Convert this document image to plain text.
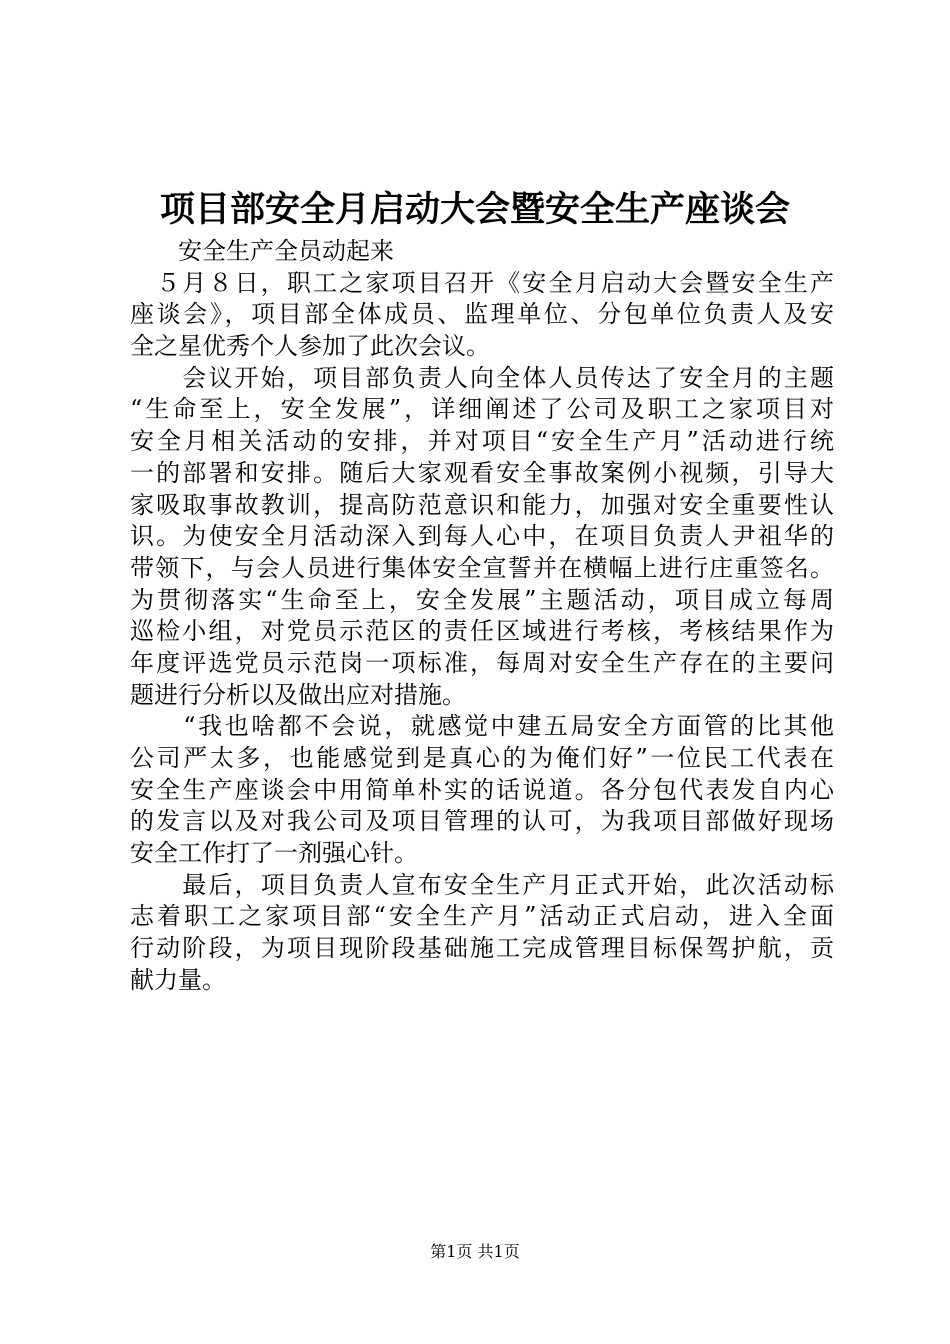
项目部安全月启动大会暨安全生产座谈会
　　安全生产全员动起来
　５月８日，职工之家项目召开《安全月启动大会暨安全生产
座谈会》，项目部全体成员、监理单位、分包单位负责人及安
全之星优秀个人参加了此次会议。
　　会议开始，项目部负责人向全体人员传达了安全月的主题
“生命至上，安全发展”，详细阐述了公司及职工之家项目对
安全月相关活动的安排，并对项目“安全生产月”活动进行统
一的部署和安排。随后大家观看安全事故案例小视频，引导大
家吸取事故教训，提高防范意识和能力，加强对安全重要性认
识。为使安全月活动深入到每人心中，在项目负责人尹祖华的
带领下，与会人员进行集体安全宣誓并在横幅上进行庄重签名。
为贯彻落实“生命至上，安全发展”主题活动，项目成立每周
巡检小组，对党员示范区的责任区域进行考核，考核结果作为
年度评选党员示范岗一项标准，每周对安全生产存在的主要问
题进行分析以及做出应对措施。
　　“我也啥都不会说，就感觉中建五局安全方面管的比其他
公司严太多，也能感觉到是真心的为俺们好”一位民工代表在
安全生产座谈会中用简单朴实的话说道。各分包代表发自内心
的发言以及对我公司及项目管理的认可，为我项目部做好现场
安全工作打了一剂强心针。
　　最后，项目负责人宣布安全生产月正式开始，此次活动标
志着职工之家项目部“安全生产月”活动正式启动，进入全面
行动阶段，为项目现阶段基础施工完成管理目标保驾护航，贡
献力量。
第1页 共1页
